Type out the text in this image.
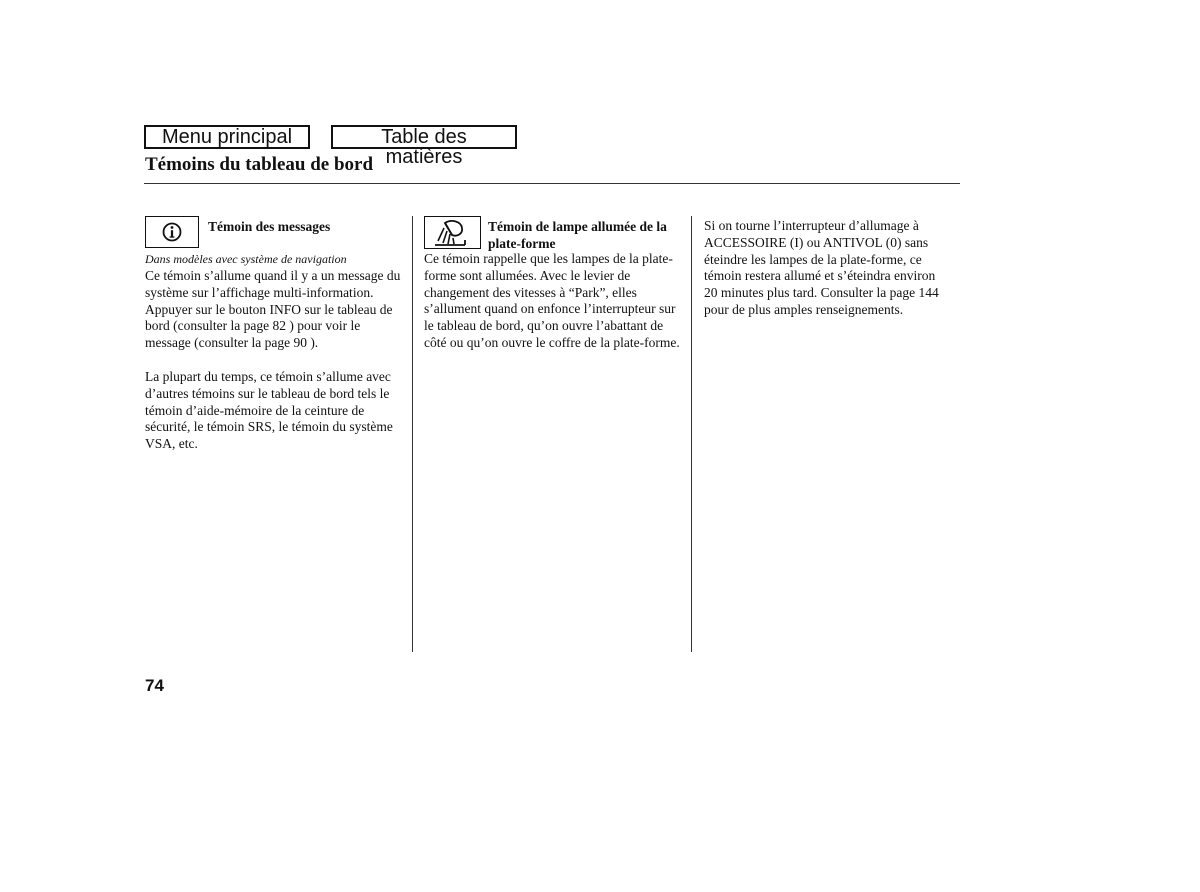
Menu principal	Table des matières
Témoins du tableau de bord

Témoin des messages

Dans modèles avec système de navigation

Ce témoin s’allume quand il y a un message du système sur l’affichage multi-information. Appuyer sur le bouton INFO sur le tableau de bord (consulter la page 82 ) pour voir le message (consulter la page 90 ).

La plupart du temps, ce témoin s’allume avec d’autres témoins sur le tableau de bord tels le témoin d’aide-mémoire de la ceinture de sécurité, le témoin SRS, le témoin du système VSA, etc.

Témoin de lampe allumée de la plate-forme

Ce témoin rappelle que les lampes de la plate-forme sont allumées. Avec le levier de changement des vitesses à “Park”, elles s’allument quand on enfonce l’interrupteur sur le tableau de bord, qu’on ouvre l’abattant de côté ou qu’on ouvre le coffre de la plate-forme.

Si on tourne l’interrupteur d’allumage à ACCESSOIRE (I) ou ANTIVOL (0) sans éteindre les lampes de la plate-forme, ce témoin restera allumé et s’éteindra environ 20 minutes plus tard. Consulter la page 144 pour de plus amples renseignements.

74
